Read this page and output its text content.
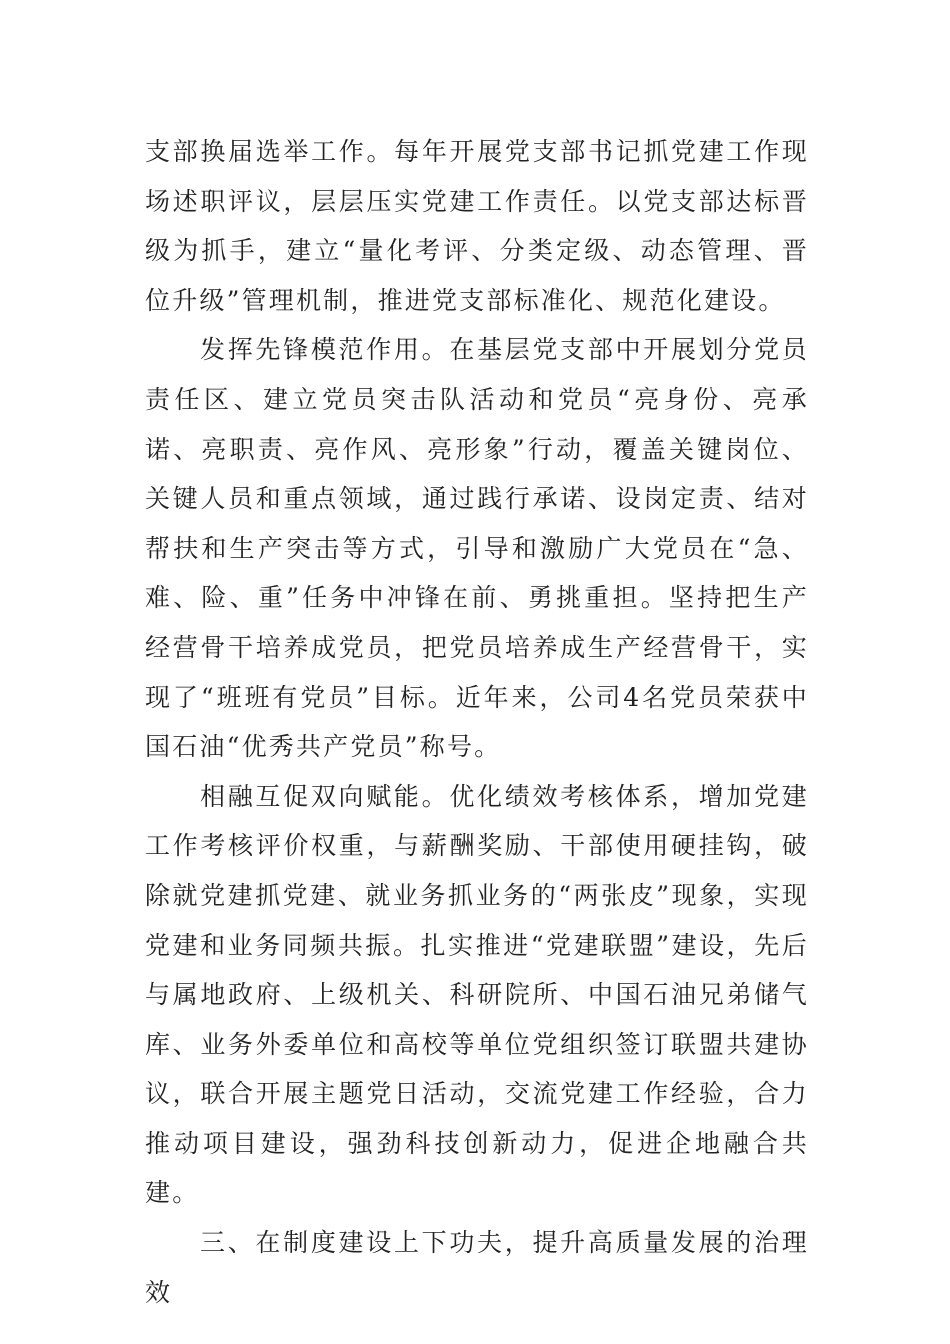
支部换届选举工作。每年开展党支部书记抓党建工作现场述职评议，层层压实党建工作责任。以党支部达标晋级为抓手，建立“量化考评、分类定级、动态管理、晋位升级”管理机制，推进党支部标准化、规范化建设。

发挥先锋模范作用。在基层党支部中开展划分党员责任区、建立党员突击队活动和党员“亮身份、亮承诺、亮职责、亮作风、亮形象”行动，覆盖关键岗位、关键人员和重点领域，通过践行承诺、设岗定责、结对帮扶和生产突击等方式，引导和激励广大党员在“急、难、险、重”任务中冲锋在前、勇挑重担。坚持把生产经营骨干培养成党员，把党员培养成生产经营骨干，实现了“班班有党员”目标。近年来，公司4名党员荣获中国石油“优秀共产党员”称号。

相融互促双向赋能。优化绩效考核体系，增加党建工作考核评价权重，与薪酬奖励、干部使用硬挂钩，破除就党建抓党建、就业务抓业务的“两张皮”现象，实现党建和业务同频共振。扎实推进“党建联盟”建设，先后与属地政府、上级机关、科研院所、中国石油兄弟储气库、业务外委单位和高校等单位党组织签订联盟共建协议，联合开展主题党日活动，交流党建工作经验，合力推动项目建设，强劲科技创新动力，促进企地融合共建。

三、在制度建设上下功夫，提升高质量发展的治理效
